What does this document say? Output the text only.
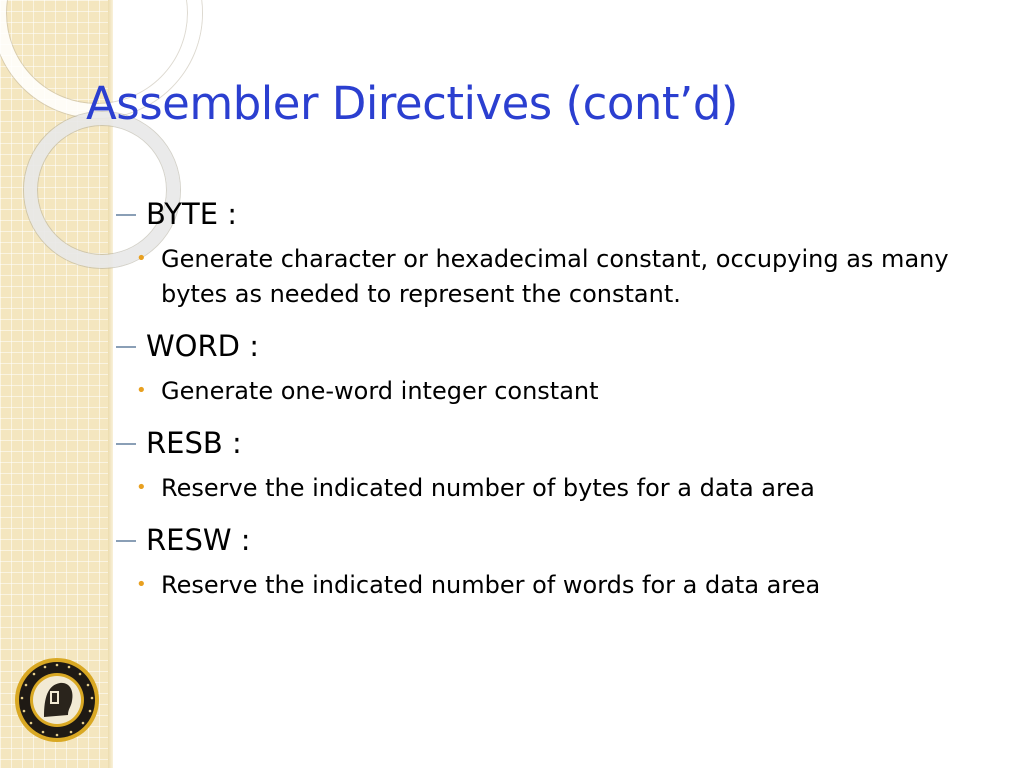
Assembler Directives (cont’d)
BYTE :
• Generate character or hexadecimal constant, occupying as many bytes as needed to represent the constant.
WORD :
• Generate one-word integer constant
RESB :
• Reserve the indicated number of bytes for a data area
RESW :
• Reserve the indicated number of words for a data area
